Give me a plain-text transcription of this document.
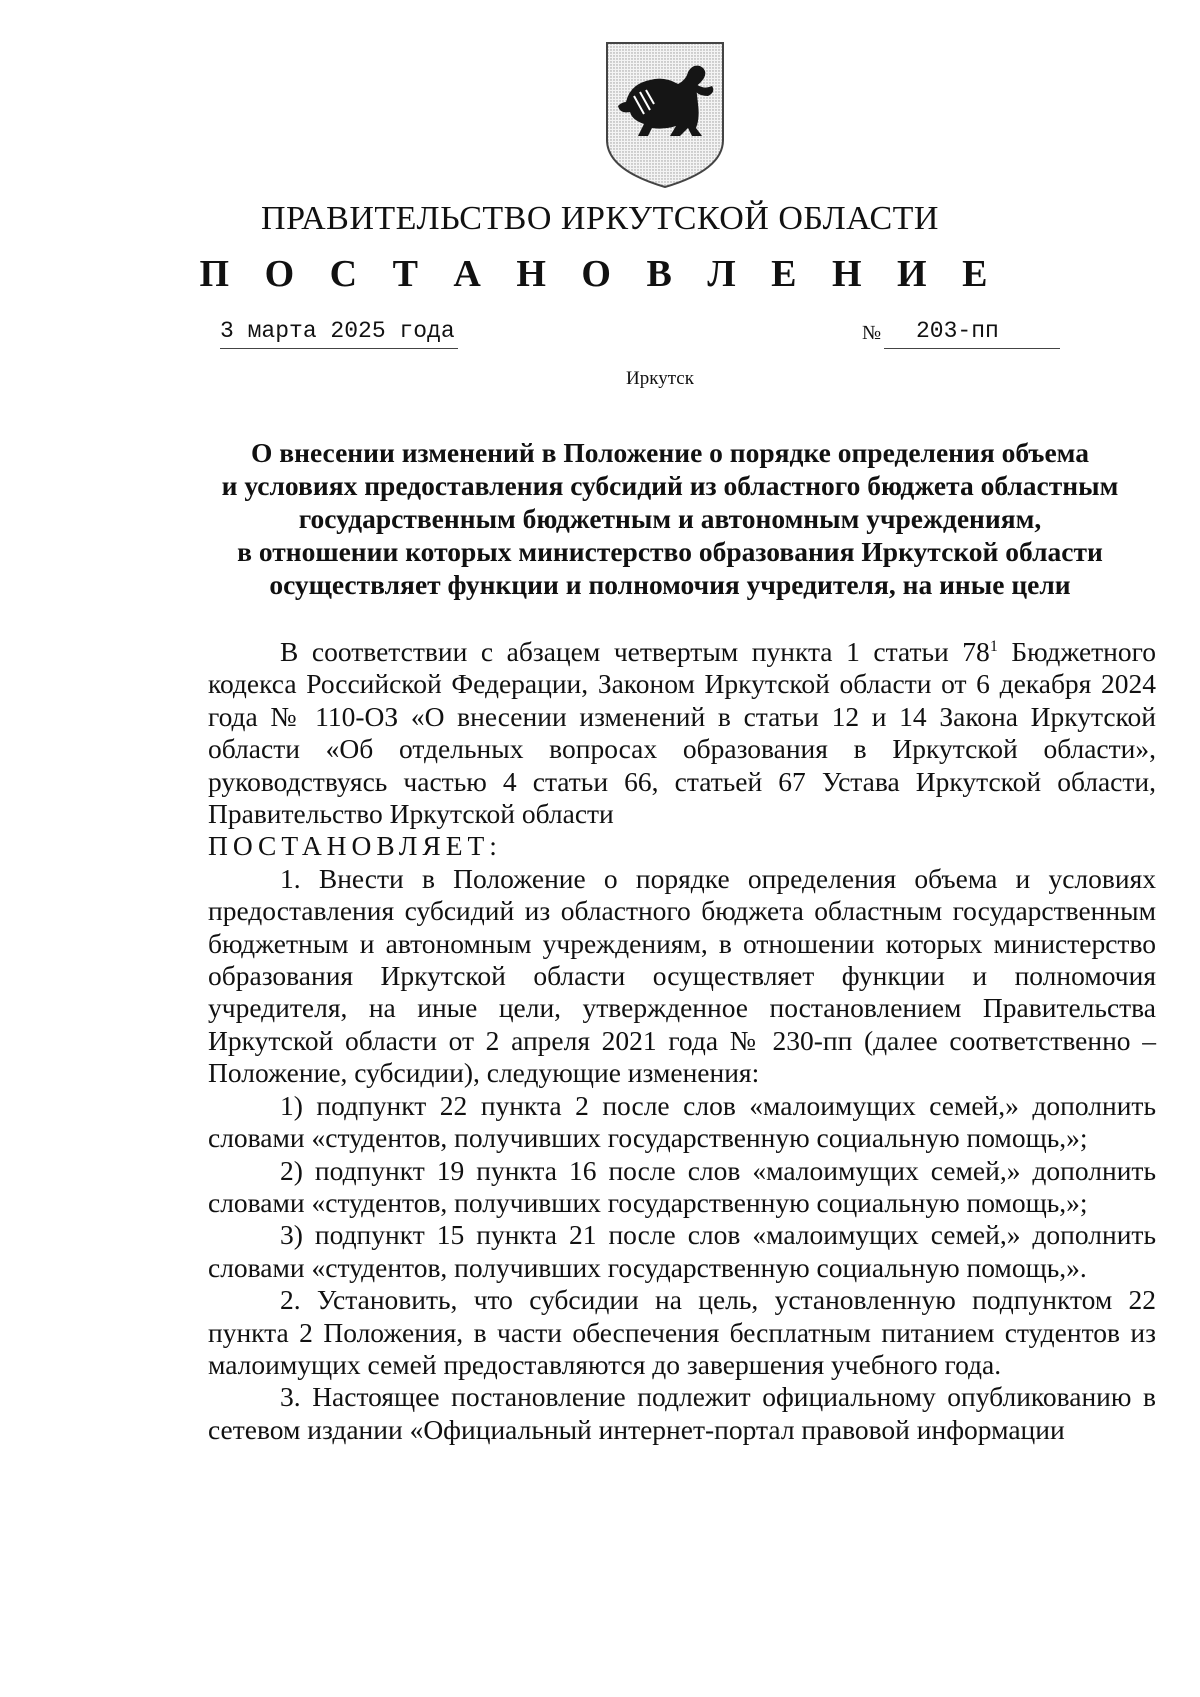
ПРАВИТЕЛЬСТВО ИРКУТСКОЙ ОБЛАСТИ
П О С Т А Н О В Л Е Н И Е
3 марта 2025 года	№ 203-пп
Иркутск
О внесении изменений в Положение о порядке определения объема
и условиях предоставления субсидий из областного бюджета областным
государственным бюджетным и автономным учреждениям,
в отношении которых министерство образования Иркутской области
осуществляет функции и полномочия учредителя, на иные цели

В соответствии с абзацем четвертым пункта 1 статьи $78^1$ Бюджетного кодекса Российской Федерации, Законом Иркутской области от 6 декабря 2024 года № 110-ОЗ «О внесении изменений в статьи 12 и 14 Закона Иркутской области «Об отдельных вопросах образования в Иркутской области», руководствуясь частью 4 статьи 66, статьей 67 Устава Иркутской области, Правительство Иркутской области

ПОСТАНОВЛЯЕТ:

1. Внести в Положение о порядке определения объема и условиях предоставления субсидий из областного бюджета областным государственным бюджетным и автономным учреждениям, в отношении которых министерство образования Иркутской области осуществляет функции и полномочия учредителя, на иные цели, утвержденное постановлением Правительства Иркутской области от 2 апреля 2021 года № 230-пп (далее соответственно – Положение, субсидии), следующие изменения:

1) подпункт 22 пункта 2 после слов «малоимущих семей,» дополнить словами «студентов, получивших государственную социальную помощь,»;

2) подпункт 19 пункта 16 после слов «малоимущих семей,» дополнить словами «студентов, получивших государственную социальную помощь,»;

3) подпункт 15 пункта 21 после слов «малоимущих семей,» дополнить словами «студентов, получивших государственную социальную помощь,».

2. Установить, что субсидии на цель, установленную подпунктом 22 пункта 2 Положения, в части обеспечения бесплатным питанием студентов из малоимущих семей предоставляются до завершения учебного года.

3. Настоящее постановление подлежит официальному опубликованию в сетевом издании «Официальный интернет-портал правовой информации
